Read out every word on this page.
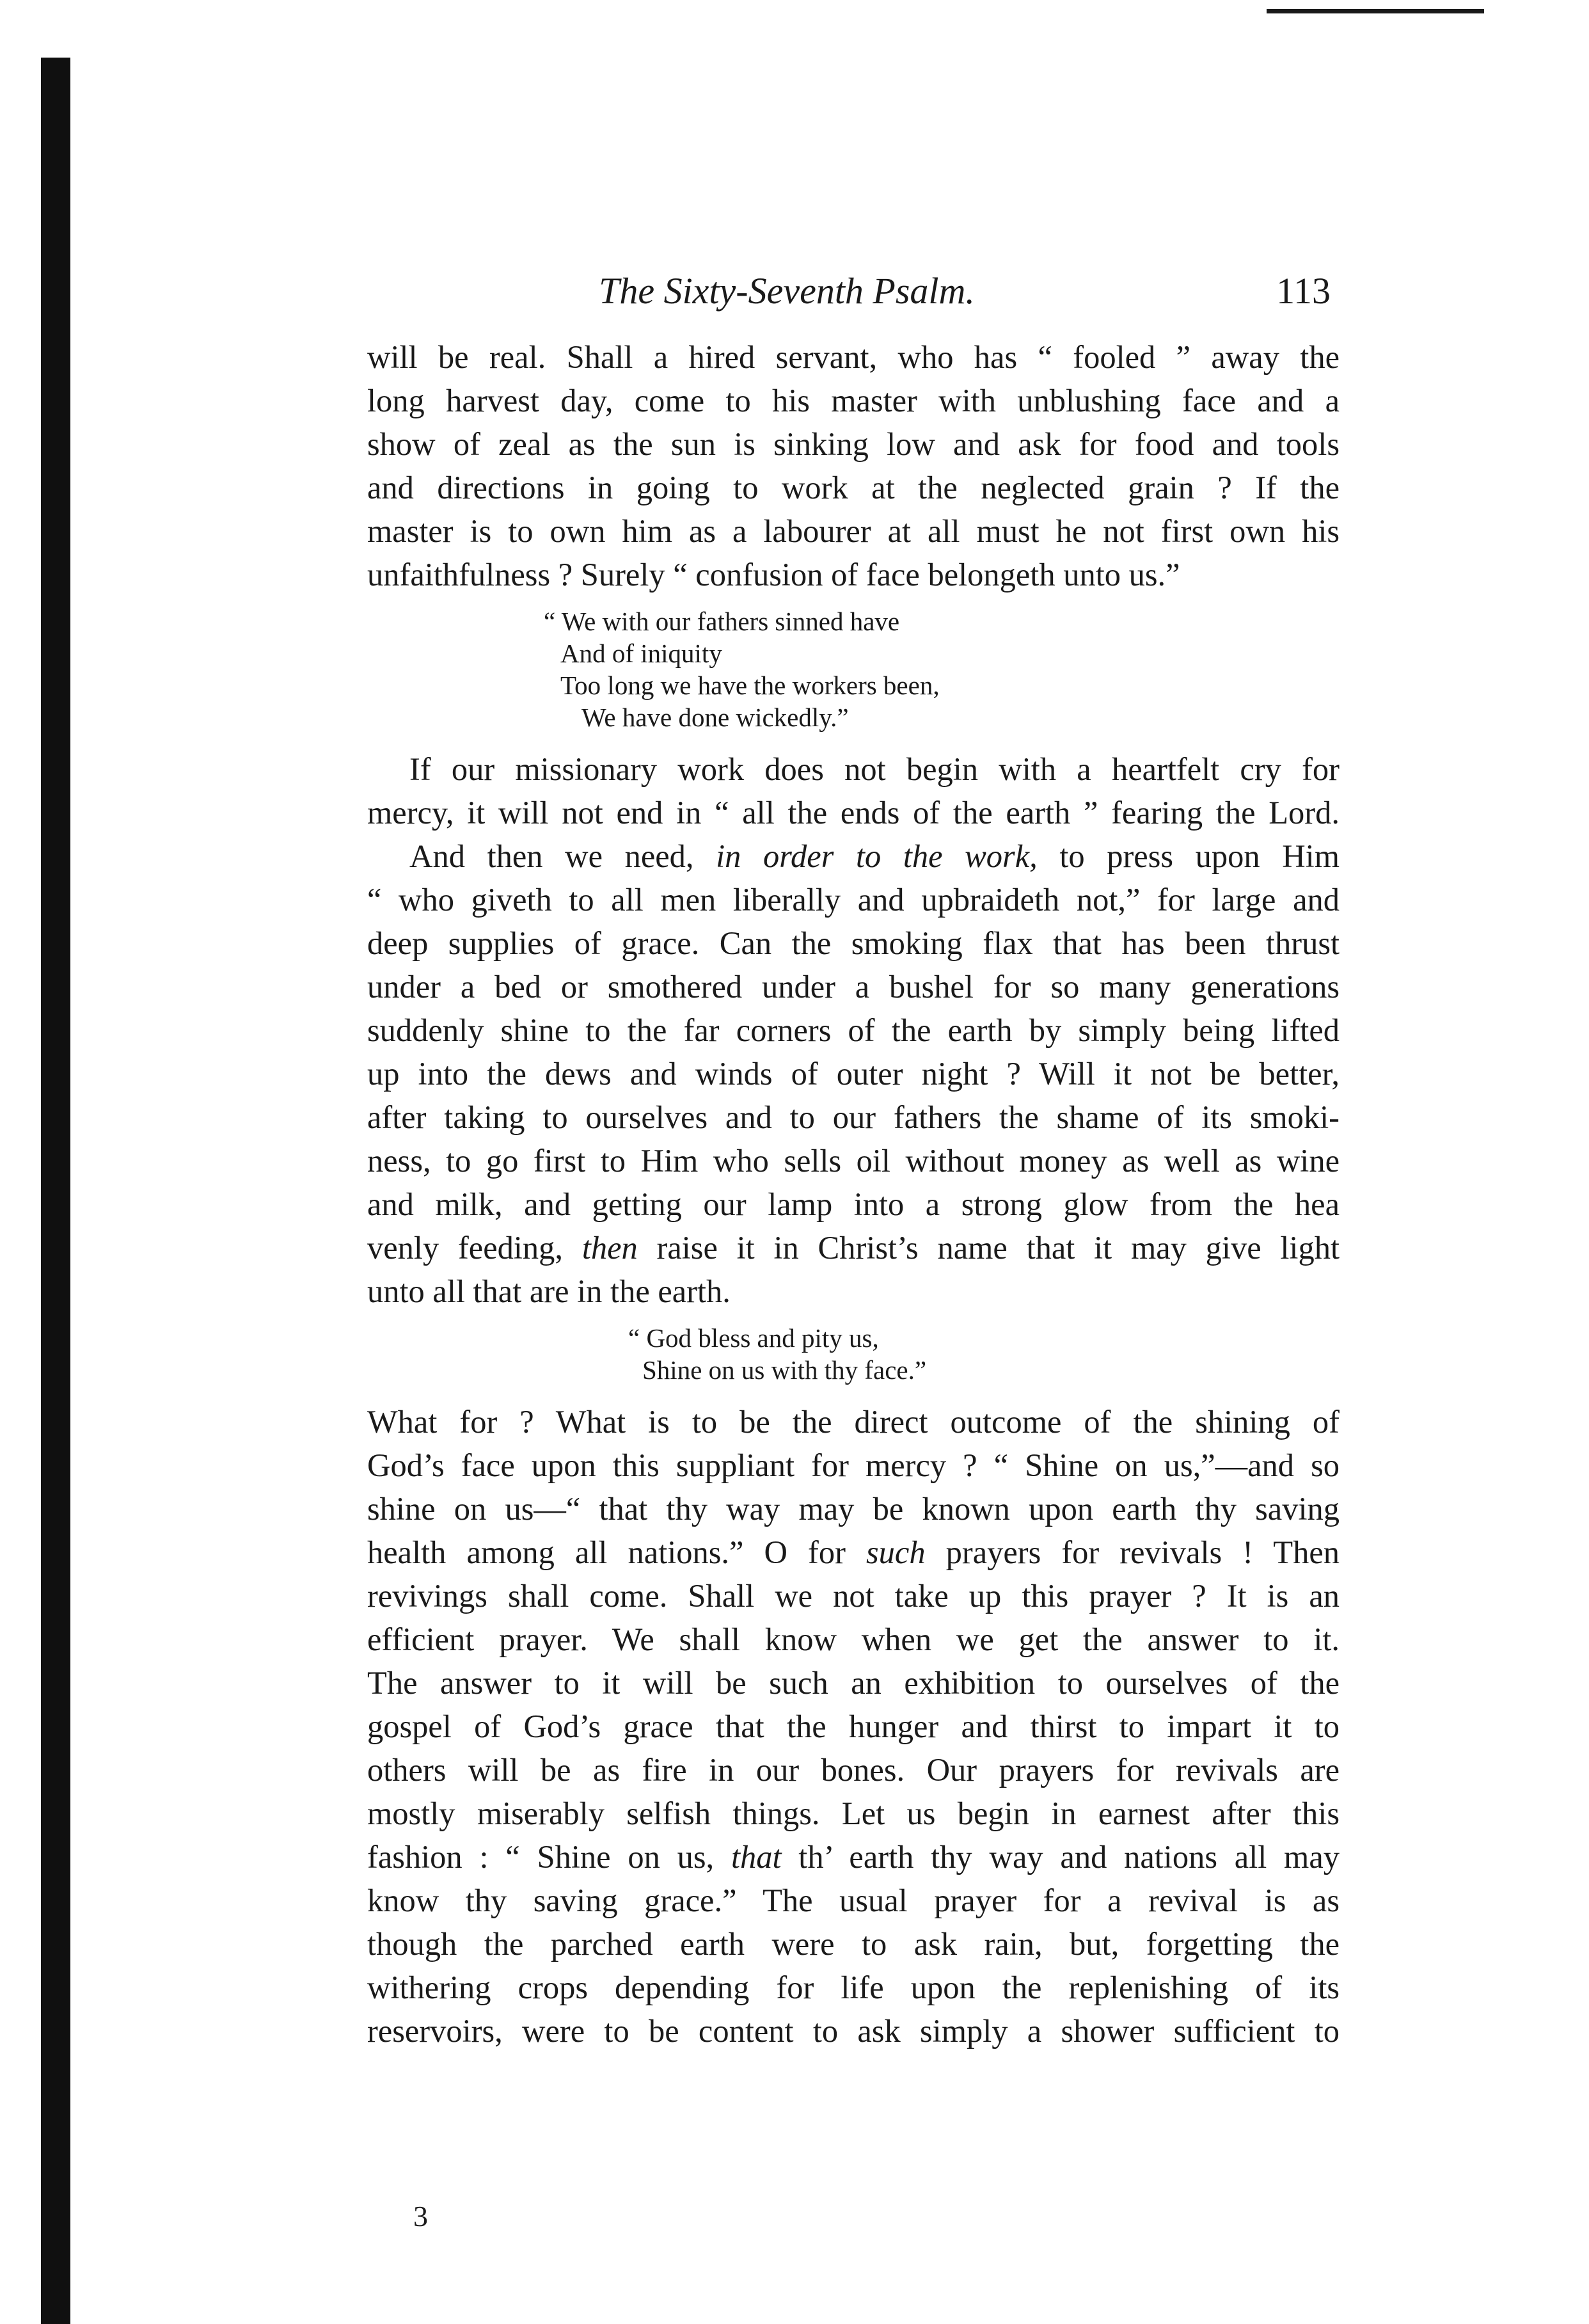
The Sixty-Seventh Psalm.	113
will be real. Shall a hired servant, who has “ fooled ” away the
long harvest day, come to his master with unblushing face and a
show of zeal as the sun is sinking low and ask for food and tools
and directions in going to work at the neglected grain ? If the
master is to own him as a labourer at all must he not first own his
unfaithfulness ? Surely “ confusion of face belongeth unto us.”
“ We with our fathers sinned have
And of iniquity
Too long we have the workers been,
We have done wickedly.”
If our missionary work does not begin with a heartfelt cry for
mercy, it will not end in “ all the ends of the earth ” fearing the Lord.
And then we need, in order to the work, to press upon Him
“ who giveth to all men liberally and upbraideth not,” for large and
deep supplies of grace. Can the smoking flax that has been thrust
under a bed or smothered under a bushel for so many generations
suddenly shine to the far corners of the earth by simply being lifted
up into the dews and winds of outer night ? Will it not be better,
after taking to ourselves and to our fathers the shame of its smoki-
ness, to go first to Him who sells oil without money as well as wine
and milk, and getting our lamp into a strong glow from the hea
venly feeding, then raise it in Christ’s name that it may give light
unto all that are in the earth.
“ God bless and pity us,
Shine on us with thy face.”
What for ? What is to be the direct outcome of the shining of
God’s face upon this suppliant for mercy ? “ Shine on us,”—and so
shine on us—“ that thy way may be known upon earth thy saving
health among all nations.” O for such prayers for revivals ! Then
revivings shall come. Shall we not take up this prayer ? It is an
efficient prayer. We shall know when we get the answer to it.
The answer to it will be such an exhibition to ourselves of the
gospel of God’s grace that the hunger and thirst to impart it to
others will be as fire in our bones. Our prayers for revivals are
mostly miserably selfish things. Let us begin in earnest after this
fashion : “ Shine on us, that th’ earth thy way and nations all may
know thy saving grace.” The usual prayer for a revival is as
though the parched earth were to ask rain, but, forgetting the
withering crops depending for life upon the replenishing of its
reservoirs, were to be content to ask simply a shower sufficient to
3
